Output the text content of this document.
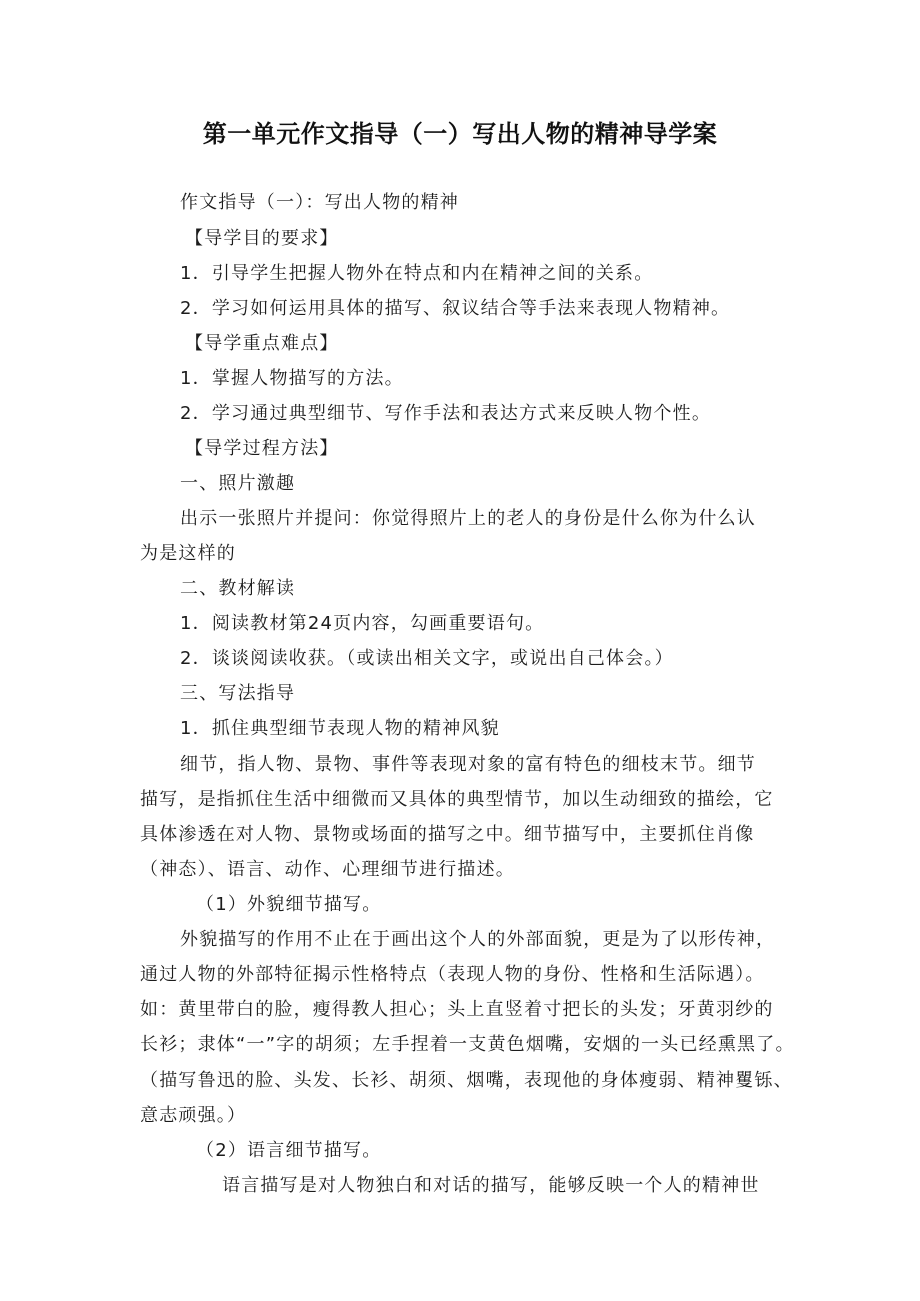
第一单元作文指导（一）写出人物的精神导学案
作文指导（一）：写出人物的精神
【导学目的要求】
1．引导学生把握人物外在特点和内在精神之间的关系。
2．学习如何运用具体的描写、叙议结合等手法来表现人物精神。
【导学重点难点】
1．掌握人物描写的方法。
2．学习通过典型细节、写作手法和表达方式来反映人物个性。
【导学过程方法】
一、照片激趣
出示一张照片并提问：你觉得照片上的老人的身份是什么你为什么认
为是这样的
二、教材解读
1．阅读教材第24页内容，勾画重要语句。
2．谈谈阅读收获。（或读出相关文字，或说出自己体会。）
三、写法指导
1．抓住典型细节表现人物的精神风貌
细节，指人物、景物、事件等表现对象的富有特色的细枝末节。细节
描写，是指抓住生活中细微而又具体的典型情节，加以生动细致的描绘，它
具体渗透在对人物、景物或场面的描写之中。细节描写中，主要抓住肖像
（神态）、语言、动作、心理细节进行描述。
（1）外貌细节描写。
外貌描写的作用不止在于画出这个人的外部面貌，更是为了以形传神，
通过人物的外部特征揭示性格特点（表现人物的身份、性格和生活际遇）。
如：黄里带白的脸，瘦得教人担心；头上直竖着寸把长的头发；牙黄羽纱的
长衫；隶体“一”字的胡须；左手捏着一支黄色烟嘴，安烟的一头已经熏黑了。
（描写鲁迅的脸、头发、长衫、胡须、烟嘴，表现他的身体瘦弱、精神矍铄、
意志顽强。）
（2）语言细节描写。
语言描写是对人物独白和对话的描写，能够反映一个人的精神世
